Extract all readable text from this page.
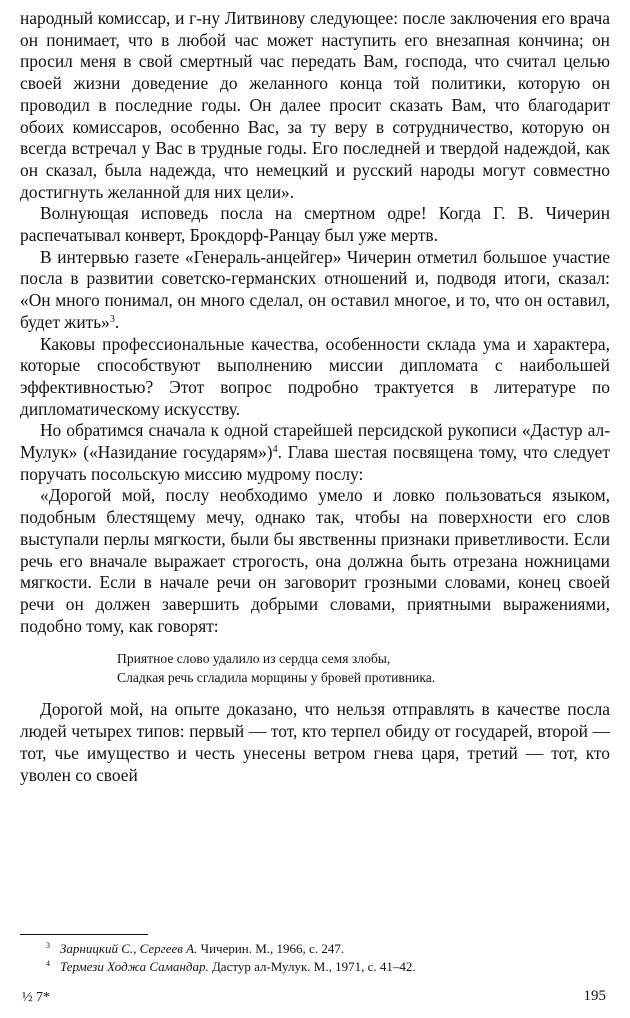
народный комиссар, и г-ну Литвинову следующее: после заключения его врача он понимает, что в любой час может наступить его внезапная кончина; он просил меня в свой смертный час передать Вам, господа, что считал целью своей жизни доведение до желанного конца той политики, которую он проводил в последние годы. Он далее просит сказать Вам, что благодарит обоих комиссаров, особенно Вас, за ту веру в сотрудничество, которую он всегда встречал у Вас в трудные годы. Его последней и твердой надеждой, как он сказал, была надежда, что немецкий и русский народы могут совместно достигнуть желанной для них цели».

Волнующая исповедь посла на смертном одре! Когда Г. В. Чичерин распечатывал конверт, Брокдорф-Ранцау был уже мертв.

В интервью газете «Генераль-анцейгер» Чичерин отметил большое участие посла в развитии советско-германских отношений и, подводя итоги, сказал: «Он много понимал, он много сделал, он оставил многое, и то, что он оставил, будет жить»$^3$.

Каковы профессиональные качества, особенности склада ума и характера, которые способствуют выполнению миссии дипломата с наибольшей эффективностью? Этот вопрос подробно трактуется в литературе по дипломатическому искусству.

Но обратимся сначала к одной старейшей персидской рукописи «Дастур ал-Мулук» («Назидание государям»)$^4$. Глава шестая посвящена тому, что следует поручать посольскую миссию мудрому послу:

«Дорогой мой, послу необходимо умело и ловко пользоваться языком, подобным блестящему мечу, однако так, чтобы на поверхности его слов выступали перлы мягкости, были бы явственны признаки приветливости. Если речь его вначале выражает строгость, она должна быть отрезана ножницами мягкости. Если в начале речи он заговорит грозными словами, конец своей речи он должен завершить добрыми словами, приятными выражениями, подобно тому, как говорят:

Приятное слово удалило из сердца семя злобы,
Сладкая речь сгладила морщины у бровей противника.

Дорогой мой, на опыте доказано, что нельзя отправлять в качестве посла людей четырех типов: первый — тот, кто терпел обиду от государей, второй — тот, чье имущество и честь унесены ветром гнева царя, третий — тот, кто уволен со своей

$^3$ Зарницкий С., Сергеев А. Чичерин. М., 1966, с. 247.
$^4$ Термези Ходжа Самандар. Дастур ал-Мулук. М., 1971, с. 41–42.
½ 7*	195
